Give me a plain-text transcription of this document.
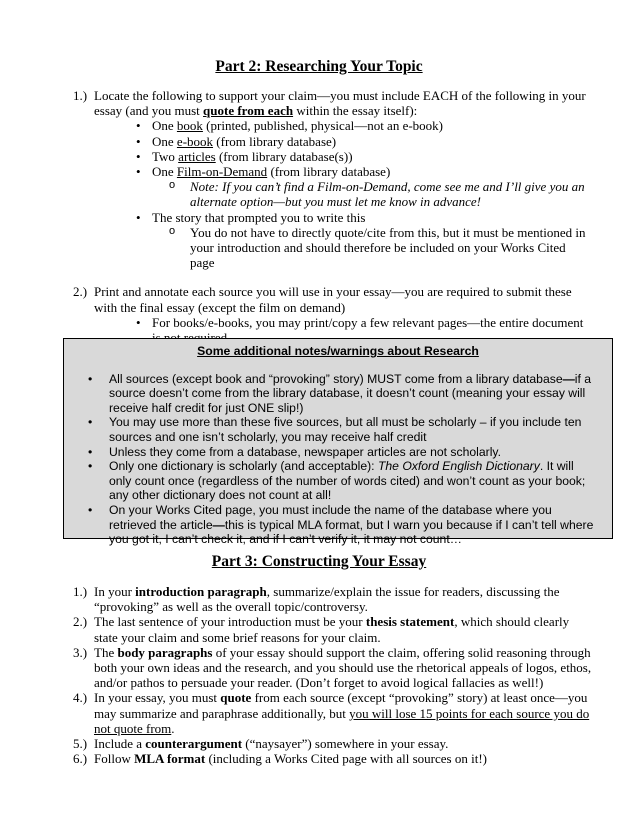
Part 2: Researching Your Topic
1.) Locate the following to support your claim—you must include EACH of the following in your essay (and you must quote from each within the essay itself):
• One book (printed, published, physical—not an e-book)
• One e-book (from library database)
• Two articles (from library database(s))
• One Film-on-Demand (from library database)
o Note: If you can’t find a Film-on-Demand, come see me and I’ll give you an alternate option—but you must let me know in advance!
• The story that prompted you to write this
o You do not have to directly quote/cite from this, but it must be mentioned in your introduction and should therefore be included on your Works Cited page
2.) Print and annotate each source you will use in your essay—you are required to submit these with the final essay (except the film on demand)
• For books/e-books, you may print/copy a few relevant pages—the entire document
Some additional notes/warnings about Research
• All sources (except book and “provoking” story) MUST come from a library database—if a source doesn’t come from the library database, it doesn’t count (meaning your essay will receive half credit for just ONE slip!)
• You may use more than these five sources, but all must be scholarly – if you include ten sources and one isn’t scholarly, you may receive half credit
• Unless they come from a database, newspaper articles are not scholarly.
• Only one dictionary is scholarly (and acceptable): The Oxford English Dictionary. It will only count once (regardless of the number of words cited) and won’t count as your book; any other dictionary does not count at all!
• On your Works Cited page, you must include the name of the database where you retrieved the article—this is typical MLA format, but I warn you because if I can’t tell where you got it, I can’t check it, and if I can’t verify it, it may not count…
Part 3: Constructing Your Essay
1.) In your introduction paragraph, summarize/explain the issue for readers, discussing the “provoking” as well as the overall topic/controversy.
2.) The last sentence of your introduction must be your thesis statement, which should clearly state your claim and some brief reasons for your claim.
3.) The body paragraphs of your essay should support the claim, offering solid reasoning through both your own ideas and the research, and you should use the rhetorical appeals of logos, ethos, and/or pathos to persuade your reader. (Don’t forget to avoid logical fallacies as well!)
4.) In your essay, you must quote from each source (except “provoking” story) at least once—you may summarize and paraphrase additionally, but you will lose 15 points for each source you do not quote from.
5.) Include a counterargument (“naysayer”) somewhere in your essay.
6.) Follow MLA format (including a Works Cited page with all sources on it!)
